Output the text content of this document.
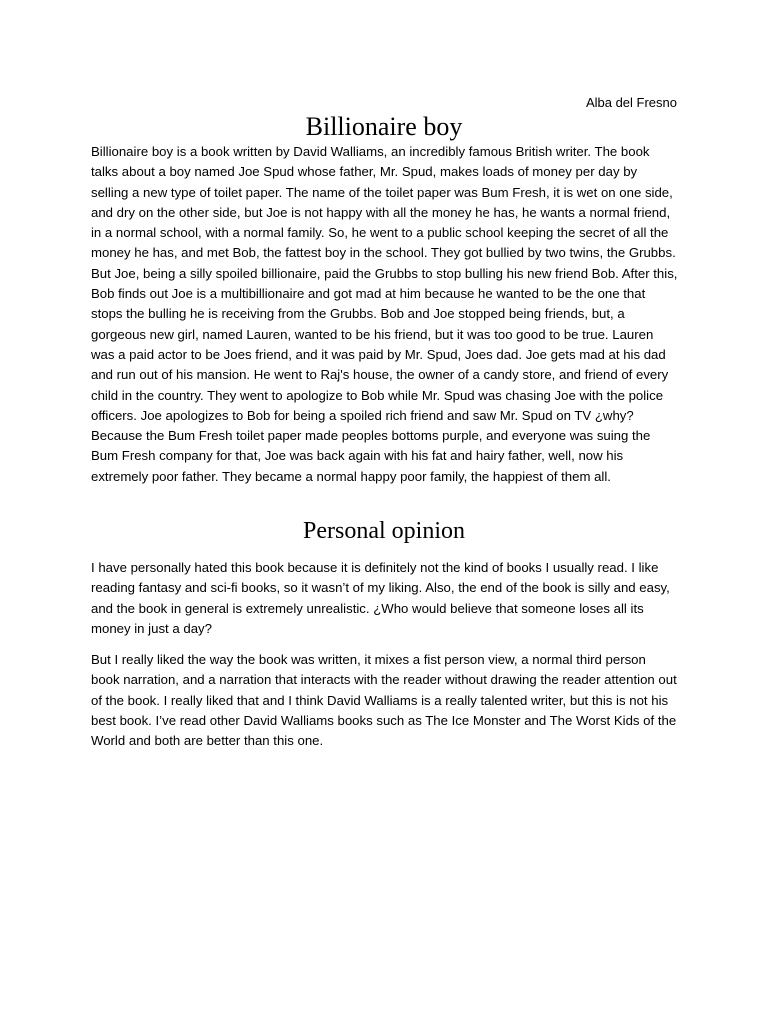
Alba del Fresno

Billionaire boy

Billionaire boy is a book written by David Walliams, an incredibly famous British writer. The book talks about a boy named Joe Spud whose father, Mr. Spud, makes loads of money per day by selling a new type of toilet paper. The name of the toilet paper was Bum Fresh, it is wet on one side, and dry on the other side, but Joe is not happy with all the money he has, he wants a normal friend, in a normal school, with a normal family. So, he went to a public school keeping the secret of all the money he has, and met Bob, the fattest boy in the school. They got bullied by two twins, the Grubbs. But Joe, being a silly spoiled billionaire, paid the Grubbs to stop bulling his new friend Bob. After this, Bob finds out Joe is a multibillionaire and got mad at him because he wanted to be the one that stops the bulling he is receiving from the Grubbs. Bob and Joe stopped being friends, but, a gorgeous new girl, named Lauren, wanted to be his friend, but it was too good to be true. Lauren was a paid actor to be Joes friend, and it was paid by Mr. Spud, Joes dad. Joe gets mad at his dad and run out of his mansion. He went to Raj's house, the owner of a candy store, and friend of every child in the country. They went to apologize to Bob while Mr. Spud was chasing Joe with the police officers. Joe apologizes to Bob for being a spoiled rich friend and saw Mr. Spud on TV ¿why? Because the Bum Fresh toilet paper made peoples bottoms purple, and everyone was suing the Bum Fresh company for that, Joe was back again with his fat and hairy father, well, now his extremely poor father. They became a normal happy poor family, the happiest of them all.

Personal opinion

I have personally hated this book because it is definitely not the kind of books I usually read. I like reading fantasy and sci-fi books, so it wasn’t of my liking. Also, the end of the book is silly and easy, and the book in general is extremely unrealistic. ¿Who would believe that someone loses all its money in just a day?

But I really liked the way the book was written, it mixes a fist person view, a normal third person book narration, and a narration that interacts with the reader without drawing the reader attention out of the book. I really liked that and I think David Walliams is a really talented writer, but this is not his best book. I’ve read other David Walliams books such as The Ice Monster and The Worst Kids of the World and both are better than this one.
